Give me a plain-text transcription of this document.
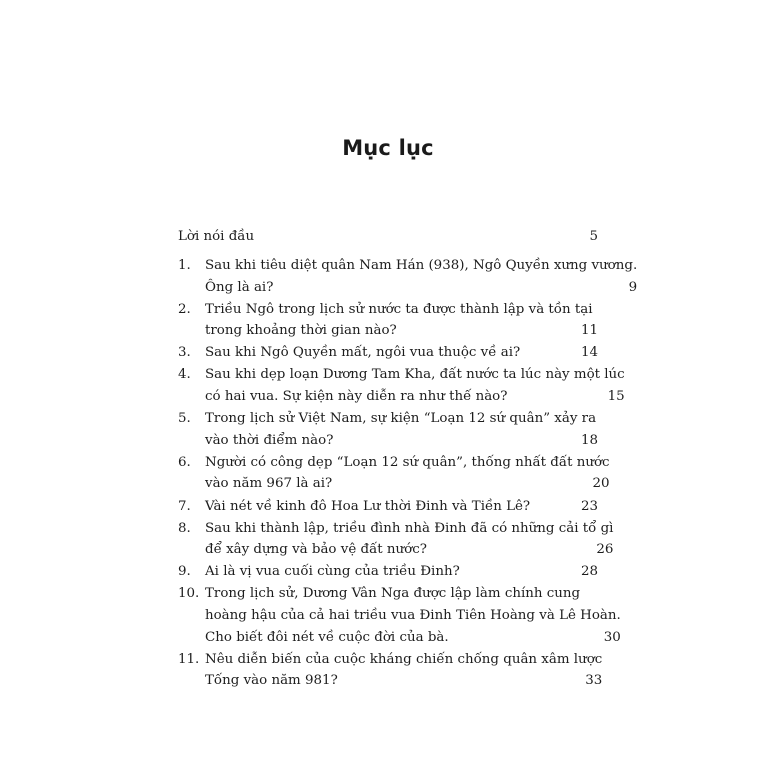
Mục lục
Lời nói đầu	5
1.	Sau khi tiêu diệt quân Nam Hán (938), Ngô Quyền xưng vương.
Ông là ai?	9
2.	Triều Ngô trong lịch sử nước ta được thành lập và tồn tại
trong khoảng thời gian nào?	11
3.	Sau khi Ngô Quyền mất, ngôi vua thuộc về ai?	14
4.	Sau khi dẹp loạn Dương Tam Kha, đất nước ta lúc này một lúc
có hai vua. Sự kiện này diễn ra như thế nào?	15
5.	Trong lịch sử Việt Nam, sự kiện “Loạn 12 sứ quân” xảy ra
vào thời điểm nào?	18
6.	Người có công dẹp “Loạn 12 sứ quân”, thống nhất đất nước
vào năm 967 là ai?	20
7.	Vài nét về kinh đô Hoa Lư thời Đinh và Tiền Lê?	23
8.	Sau khi thành lập, triều đình nhà Đinh đã có những cải tổ gì
để xây dựng và bảo vệ đất nước?	26
9.	Ai là vị vua cuối cùng của triều Đinh?	28
10. Trong lịch sử, Dương Vân Nga được lập làm chính cung
hoàng hậu của cả hai triều vua Đinh Tiên Hoàng và Lê Hoàn.
Cho biết đôi nét về cuộc đời của bà.	30
11. Nêu diễn biến của cuộc kháng chiến chống quân xâm lược
Tống vào năm 981?	33
